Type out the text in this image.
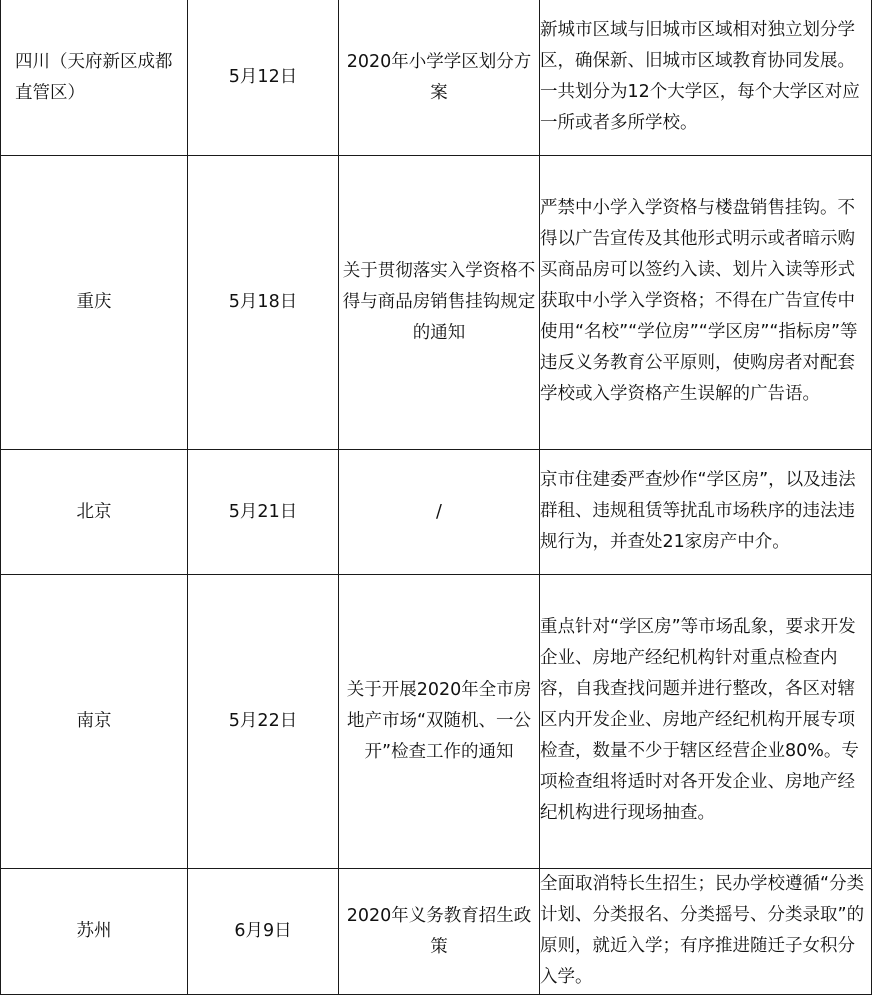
四川（天府新区成都直管区）	5月12日	2020年小学学区划分方案	新城市区域与旧城市区域相对独立划分学区，确保新、旧城市区域教育协同发展。一共划分为12个大学区，每个大学区对应一所或者多所学校。

重庆	5月18日	关于贯彻落实入学资格不得与商品房销售挂钩规定的通知	严禁中小学入学资格与楼盘销售挂钩。不得以广告宣传及其他形式明示或者暗示购买商品房可以签约入读、划片入读等形式获取中小学入学资格；不得在广告宣传中使用“名校”“学位房”“学区房”“指标房”等违反义务教育公平原则，使购房者对配套学校或入学资格产生误解的广告语。

北京	5月21日	/	京市住建委严查炒作“学区房”，以及违法群租、违规租赁等扰乱市场秩序的违法违规行为，并查处21家房产中介。

南京	5月22日	关于开展2020年全市房地产市场“双随机、一公开”检查工作的通知	重点针对“学区房”等市场乱象，要求开发企业、房地产经纪机构针对重点检查内容，自我查找问题并进行整改，各区对辖区内开发企业、房地产经纪机构开展专项检查，数量不少于辖区经营企业80%。专项检查组将适时对各开发企业、房地产经纪机构进行现场抽查。

苏州	6月9日	2020年义务教育招生政策	全面取消特长生招生；民办学校遵循“分类计划、分类报名、分类摇号、分类录取”的原则，就近入学；有序推进随迁子女积分入学。
